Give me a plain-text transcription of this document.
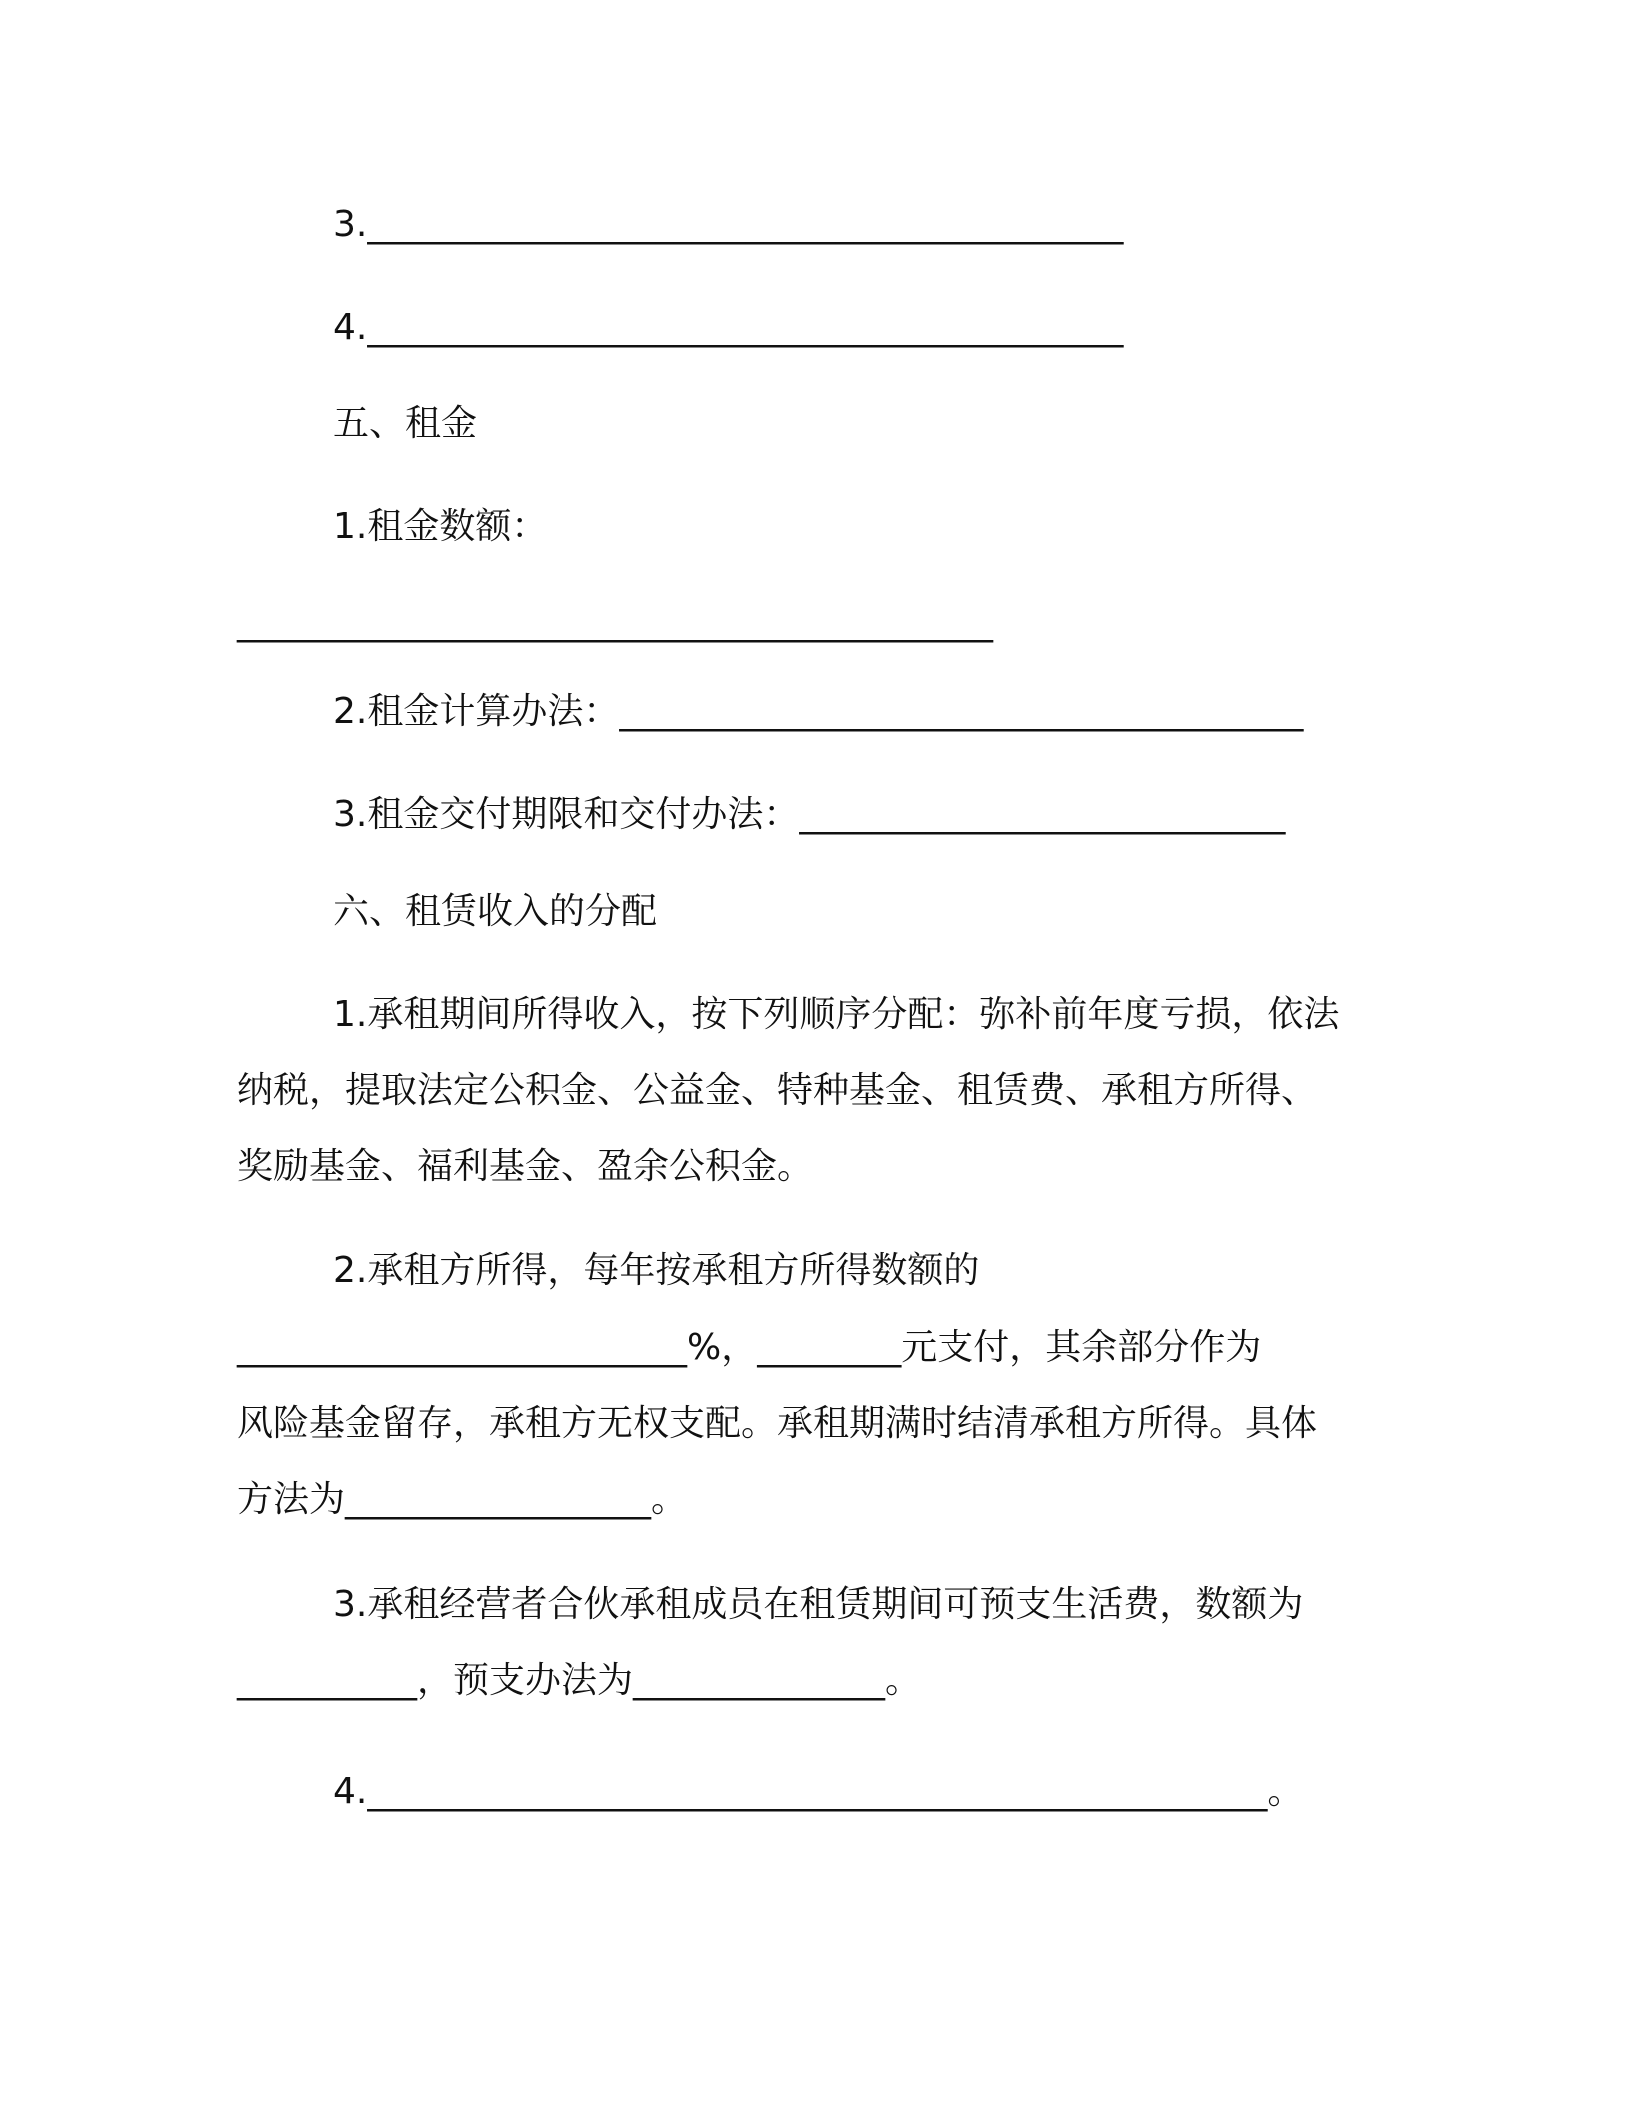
3.__________________________________________
4.__________________________________________
五、租金
1.租金数额：
__________________________________________
2.租金计算办法：______________________________________
3.租金交付期限和交付办法：___________________________
六、租赁收入的分配
1.承租期间所得收入，按下列顺序分配：弥补前年度亏损，依法
纳税，提取法定公积金、公益金、特种基金、租赁费、承租方所得、
奖励基金、福利基金、盈余公积金。
2.承租方所得，每年按承租方所得数额的
_________________________%，________元支付，其余部分作为
风险基金留存，承租方无权支配。承租期满时结清承租方所得。具体
方法为_________________。
3.承租经营者合伙承租成员在租赁期间可预支生活费，数额为
__________，预支办法为______________。
4.__________________________________________________。
